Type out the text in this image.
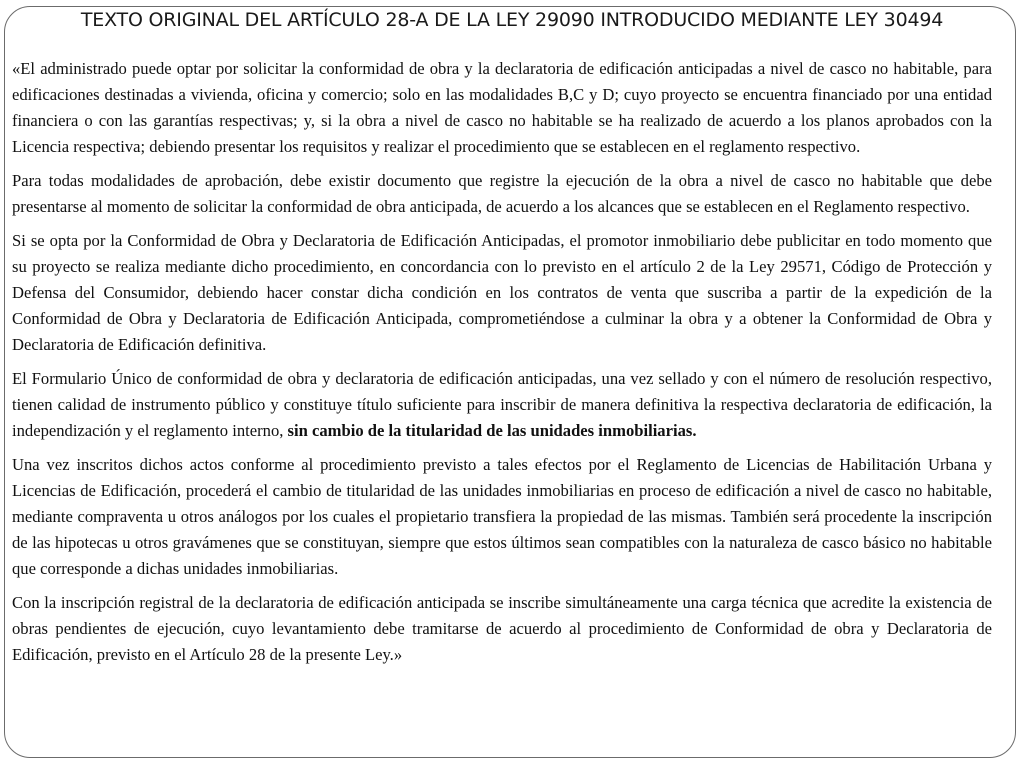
TEXTO ORIGINAL DEL ARTÍCULO 28-A DE LA LEY 29090 INTRODUCIDO MEDIANTE LEY 30494

«El administrado puede optar por solicitar la conformidad de obra y la declaratoria de edificación anticipadas a nivel de casco no habitable, para edificaciones destinadas a vivienda, oficina y comercio; solo en las modalidades B,C y D; cuyo proyecto se encuentra financiado por una entidad financiera o con las garantías respectivas; y, si la obra a nivel de casco no habitable se ha realizado de acuerdo a los planos aprobados con la Licencia respectiva; debiendo presentar los requisitos y realizar el procedimiento que se establecen en el reglamento respectivo.

Para todas modalidades de aprobación, debe existir documento que registre la ejecución de la obra a nivel de casco no habitable que debe presentarse al momento de solicitar la conformidad de obra anticipada, de acuerdo a los alcances que se establecen en el Reglamento respectivo.

Si se opta por la Conformidad de Obra y Declaratoria de Edificación Anticipadas, el promotor inmobiliario debe publicitar en todo momento que su proyecto se realiza mediante dicho procedimiento, en concordancia con lo previsto en el artículo 2 de la Ley 29571, Código de Protección y Defensa del Consumidor, debiendo hacer constar dicha condición en los contratos de venta que suscriba a partir de la expedición de la Conformidad de Obra y Declaratoria de Edificación Anticipada, comprometiéndose a culminar la obra y a obtener la Conformidad de Obra y Declaratoria de Edificación definitiva.

El Formulario Único de conformidad de obra y declaratoria de edificación anticipadas, una vez sellado y con el número de resolución respectivo, tienen calidad de instrumento público y constituye título suficiente para inscribir de manera definitiva la respectiva declaratoria de edificación, la independización y el reglamento interno, sin cambio de la titularidad de las unidades inmobiliarias.

Una vez inscritos dichos actos conforme al procedimiento previsto a tales efectos por el Reglamento de Licencias de Habilitación Urbana y Licencias de Edificación, procederá el cambio de titularidad de las unidades inmobiliarias en proceso de edificación a nivel de casco no habitable, mediante compraventa u otros análogos por los cuales el propietario transfiera la propiedad de las mismas. También será procedente la inscripción de las hipotecas u otros gravámenes que se constituyan, siempre que estos últimos sean compatibles con la naturaleza de casco básico no habitable que corresponde a dichas unidades inmobiliarias.

Con la inscripción registral de la declaratoria de edificación anticipada se inscribe simultáneamente una carga técnica que acredite la existencia de obras pendientes de ejecución, cuyo levantamiento debe tramitarse de acuerdo al procedimiento de Conformidad de obra y Declaratoria de Edificación, previsto en el Artículo 28 de la presente Ley.»
